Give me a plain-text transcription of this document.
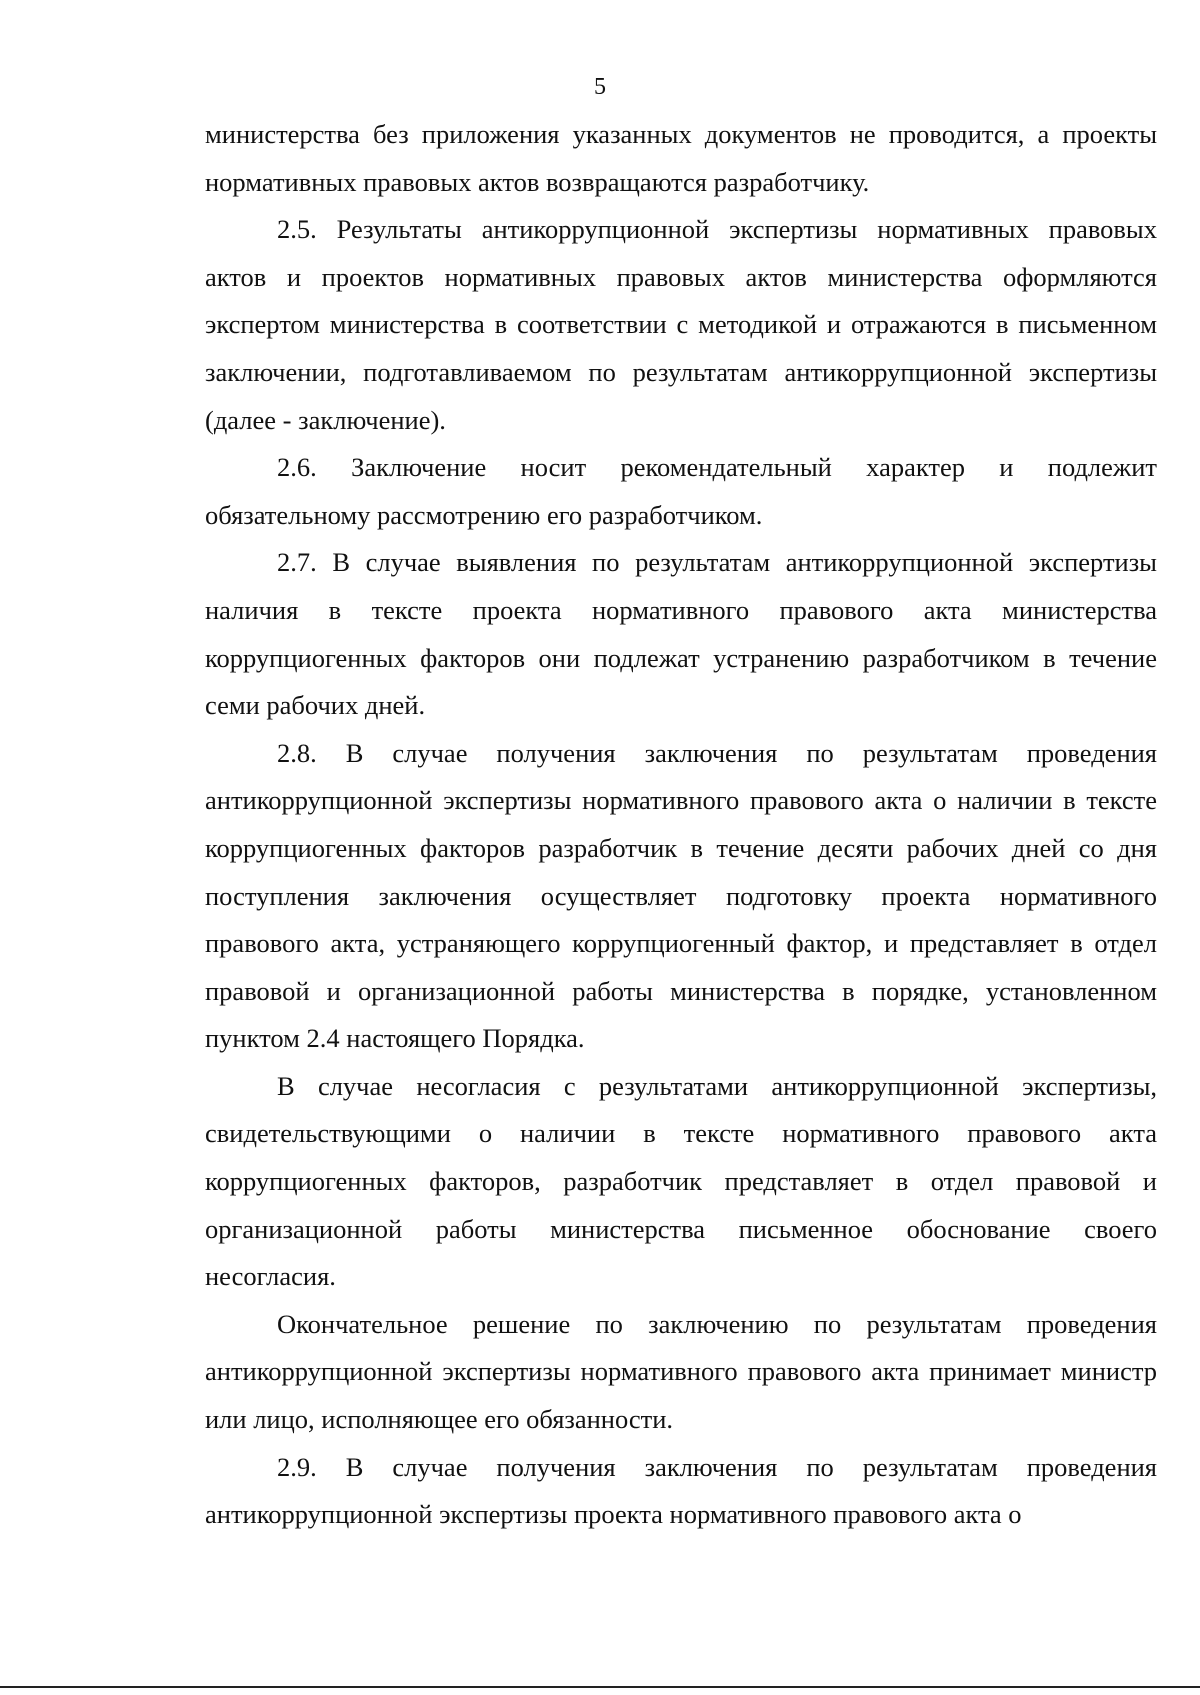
5

министерства без приложения указанных документов не проводится, а проекты нормативных правовых актов возвращаются разработчику.

2.5. Результаты антикоррупционной экспертизы нормативных правовых актов и проектов нормативных правовых актов министерства оформляются экспертом министерства в соответствии с методикой и отражаются в письменном заключении, подготавливаемом по результатам антикоррупционной экспертизы (далее - заключение).

2.6. Заключение носит рекомендательный характер и подлежит обязательному рассмотрению его разработчиком.

2.7. В случае выявления по результатам антикоррупционной экспертизы наличия в тексте проекта нормативного правового акта министерства коррупциогенных факторов они подлежат устранению разработчиком в течение семи рабочих дней.

2.8. В случае получения заключения по результатам проведения антикоррупционной экспертизы нормативного правового акта о наличии в тексте коррупциогенных факторов разработчик в течение десяти рабочих дней со дня поступления заключения осуществляет подготовку проекта нормативного правового акта, устраняющего коррупциогенный фактор, и представляет в отдел правовой и организационной работы министерства в порядке, установленном пунктом 2.4 настоящего Порядка.

В случае несогласия с результатами антикоррупционной экспертизы, свидетельствующими о наличии в тексте нормативного правового акта коррупциогенных факторов, разработчик представляет в отдел правовой и организационной работы министерства письменное обоснование своего несогласия.

Окончательное решение по заключению по результатам проведения антикоррупционной экспертизы нормативного правового акта принимает министр или лицо, исполняющее его обязанности.

2.9. В случае получения заключения по результатам проведения антикоррупционной экспертизы проекта нормативного правового акта о
